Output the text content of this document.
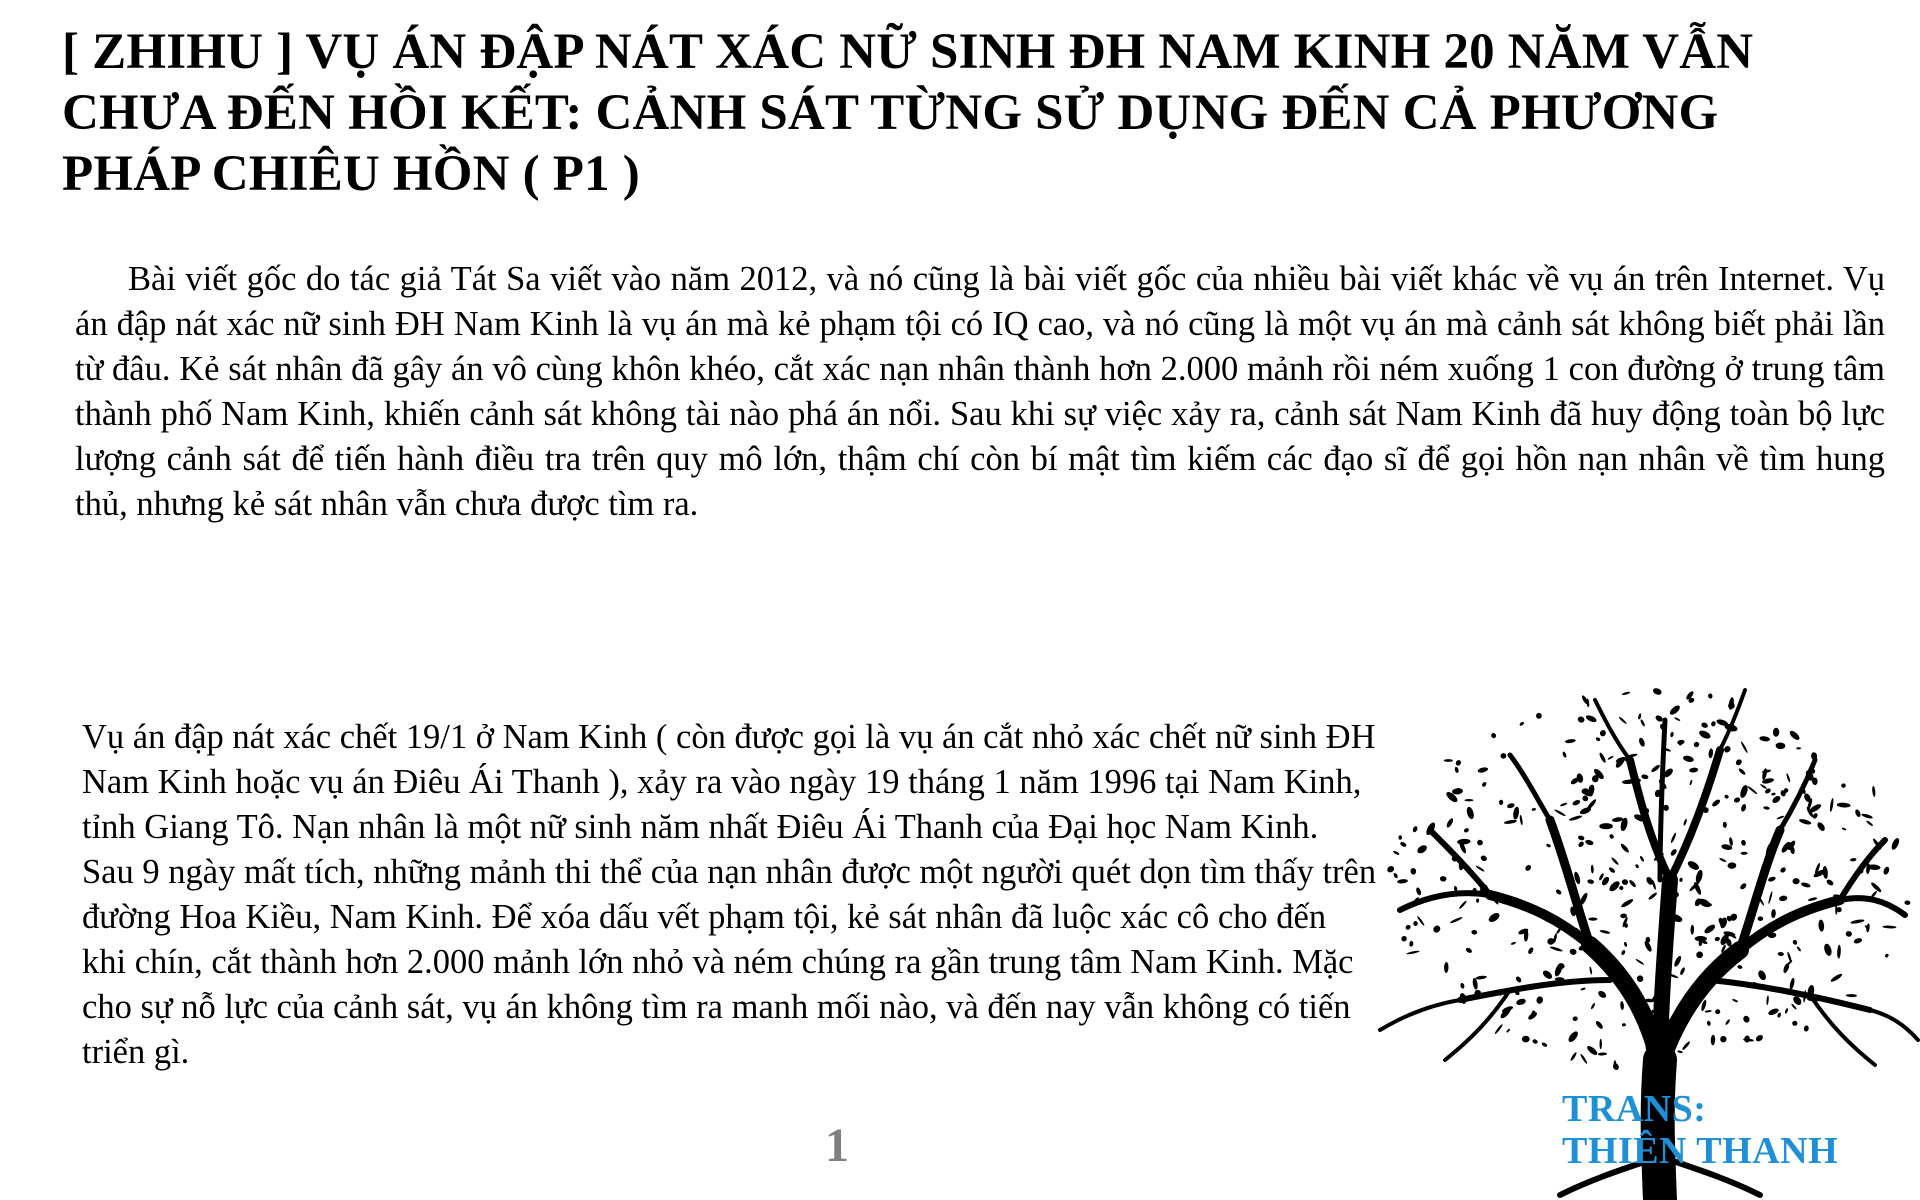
[ ZHIHU ] VỤ ÁN ĐẬP NÁT XÁC NỮ SINH ĐH NAM KINH 20 NĂM VẪN CHƯA ĐẾN HỒI KẾT: CẢNH SÁT TỪNG SỬ DỤNG ĐẾN CẢ PHƯƠNG PHÁP CHIÊU HỒN ( P1 )

Bài viết gốc do tác giả Tát Sa viết vào năm 2012, và nó cũng là bài viết gốc của nhiều bài viết khác về vụ án trên Internet. Vụ án đập nát xác nữ sinh ĐH Nam Kinh là vụ án mà kẻ phạm tội có IQ cao, và nó cũng là một vụ án mà cảnh sát không biết phải lần từ đâu. Kẻ sát nhân đã gây án vô cùng khôn khéo, cắt xác nạn nhân thành hơn 2.000 mảnh rồi ném xuống 1 con đường ở trung tâm thành phố Nam Kinh, khiến cảnh sát không tài nào phá án nổi. Sau khi sự việc xảy ra, cảnh sát Nam Kinh đã huy động toàn bộ lực lượng cảnh sát để tiến hành điều tra trên quy mô lớn, thậm chí còn bí mật tìm kiếm các đạo sĩ để gọi hồn nạn nhân về tìm hung thủ, nhưng kẻ sát nhân vẫn chưa được tìm ra.

Vụ án đập nát xác chết 19/1 ở Nam Kinh ( còn được gọi là vụ án cắt nhỏ xác chết nữ sinh ĐH Nam Kinh hoặc vụ án Điêu Ái Thanh ), xảy ra vào ngày 19 tháng 1 năm 1996 tại Nam Kinh, tỉnh Giang Tô. Nạn nhân là một nữ sinh năm nhất Điêu Ái Thanh của Đại học Nam Kinh. Sau 9 ngày mất tích, những mảnh thi thể của nạn nhân được một người quét dọn tìm thấy trên đường Hoa Kiều, Nam Kinh. Để xóa dấu vết phạm tội, kẻ sát nhân đã luộc xác cô cho đến khi chín, cắt thành hơn 2.000 mảnh lớn nhỏ và ném chúng ra gần trung tâm Nam Kinh. Mặc cho sự nỗ lực của cảnh sát, vụ án không tìm ra manh mối nào, và đến nay vẫn không có tiến triển gì.

1
TRANS:
THIÊN THANH
